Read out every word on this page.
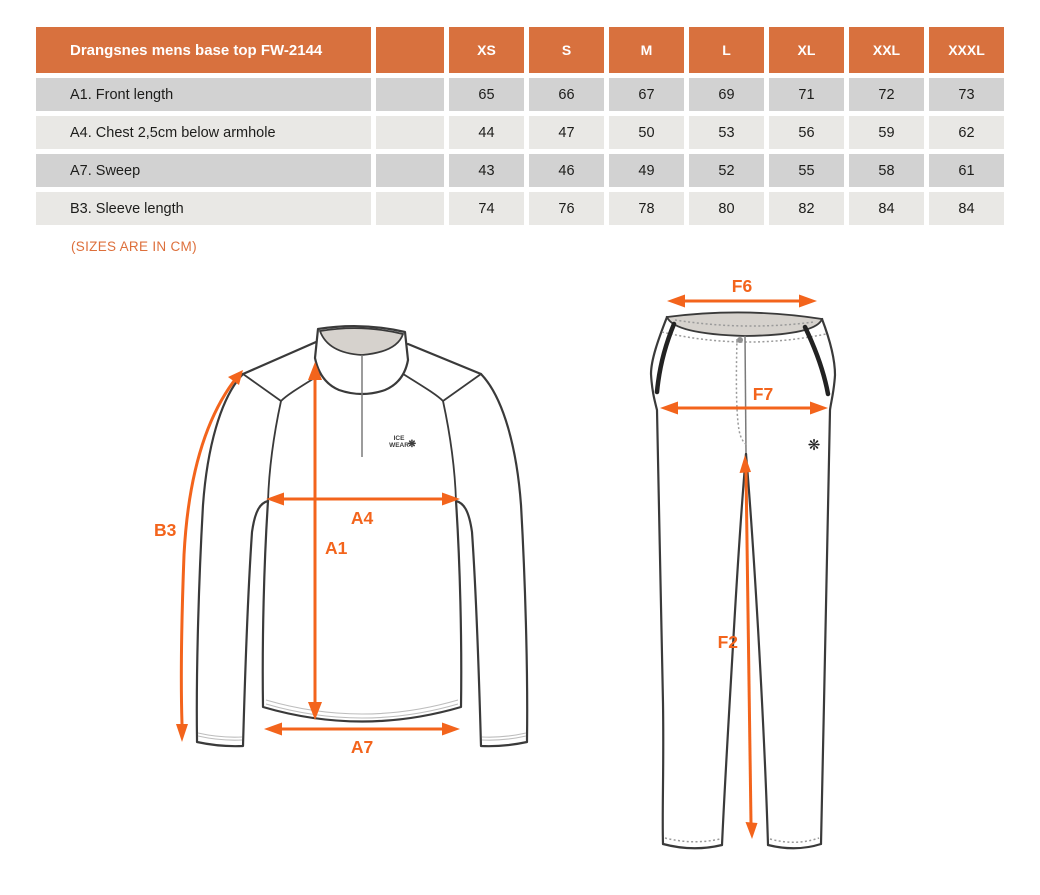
Drangsnes mens base top FW-2144	XS	S	M	L	XL	XXL	XXXL
A1. Front length	65	66	67	69	71	72	73
A4. Chest 2,5cm below armhole	44	47	50	53	56	59	62
A7. Sweep	43	46	49	52	55	58	61
B3. Sleeve length	74	76	78	80	82	84	84
(SIZES ARE IN CM)
ICE
WEAR
❋
B3
A1
A4
A7
❋
F6
F7
F2
